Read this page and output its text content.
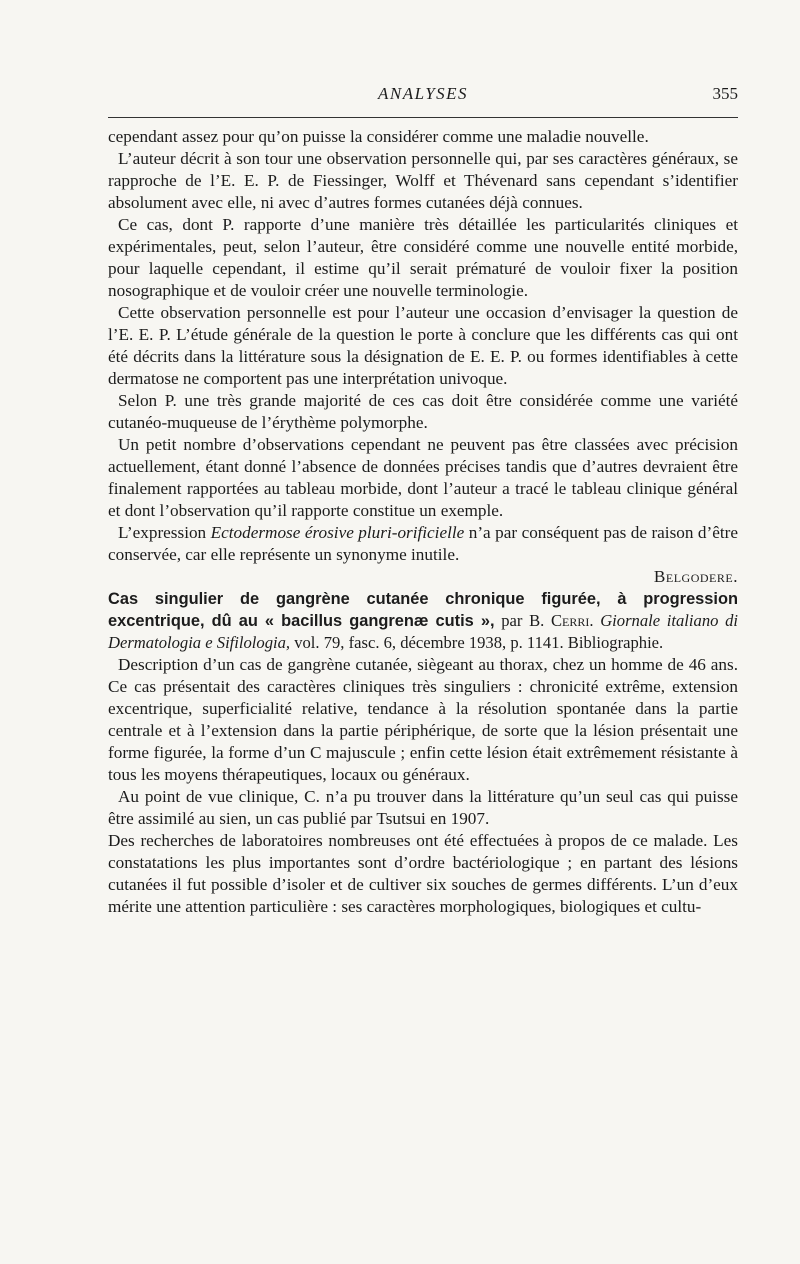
ANALYSES	355

cependant assez pour qu’on puisse la considérer comme une maladie nouvelle.

L’auteur décrit à son tour une observation personnelle qui, par ses caractères généraux, se rapproche de l’E. E. P. de Fiessinger, Wolff et Thévenard sans cependant s’identifier absolument avec elle, ni avec d’autres formes cutanées déjà connues.

Ce cas, dont P. rapporte d’une manière très détaillée les particularités cliniques et expérimentales, peut, selon l’auteur, être considéré comme une nouvelle entité morbide, pour laquelle cependant, il estime qu’il serait prématuré de vouloir fixer la position nosographique et de vouloir créer une nouvelle terminologie.

Cette observation personnelle est pour l’auteur une occasion d’envisager la question de l’E. E. P. L’étude générale de la question le porte à conclure que les différents cas qui ont été décrits dans la littérature sous la désignation de E. E. P. ou formes identifiables à cette dermatose ne comportent pas une interprétation univoque.

Selon P. une très grande majorité de ces cas doit être considérée comme une variété cutanéo-muqueuse de l’érythème polymorphe.

Un petit nombre d’observations cependant ne peuvent pas être classées avec précision actuellement, étant donné l’absence de données précises tandis que d’autres devraient être finalement rapportées au tableau morbide, dont l’auteur a tracé le tableau clinique général et dont l’observation qu’il rapporte constitue un exemple.

L’expression Ectodermose érosive pluri-orificielle n’a par conséquent pas de raison d’être conservée, car elle représente un synonyme inutile.

Belgodere.

Cas singulier de gangrène cutanée chronique figurée, à progression excentrique, dû au « bacillus gangrenæ cutis », par B. Cerri. Giornale italiano di Dermatologia e Sifilologia, vol. 79, fasc. 6, décembre 1938, p. 1141. Bibliographie.

Description d’un cas de gangrène cutanée, siègeant au thorax, chez un homme de 46 ans. Ce cas présentait des caractères cliniques très singuliers : chronicité extrême, extension excentrique, superficialité relative, tendance à la résolution spontanée dans la partie centrale et à l’extension dans la partie périphérique, de sorte que la lésion présentait une forme figurée, la forme d’un C majuscule ; enfin cette lésion était extrêmement résistante à tous les moyens thérapeutiques, locaux ou généraux.

Au point de vue clinique, C. n’a pu trouver dans la littérature qu’un seul cas qui puisse être assimilé au sien, un cas publié par Tsutsui en 1907.

Des recherches de laboratoires nombreuses ont été effectuées à propos de ce malade. Les constatations les plus importantes sont d’ordre bactériologique ; en partant des lésions cutanées il fut possible d’isoler et de cultiver six souches de germes différents. L’un d’eux mérite une attention particulière : ses caractères morphologiques, biologiques et cultu-
